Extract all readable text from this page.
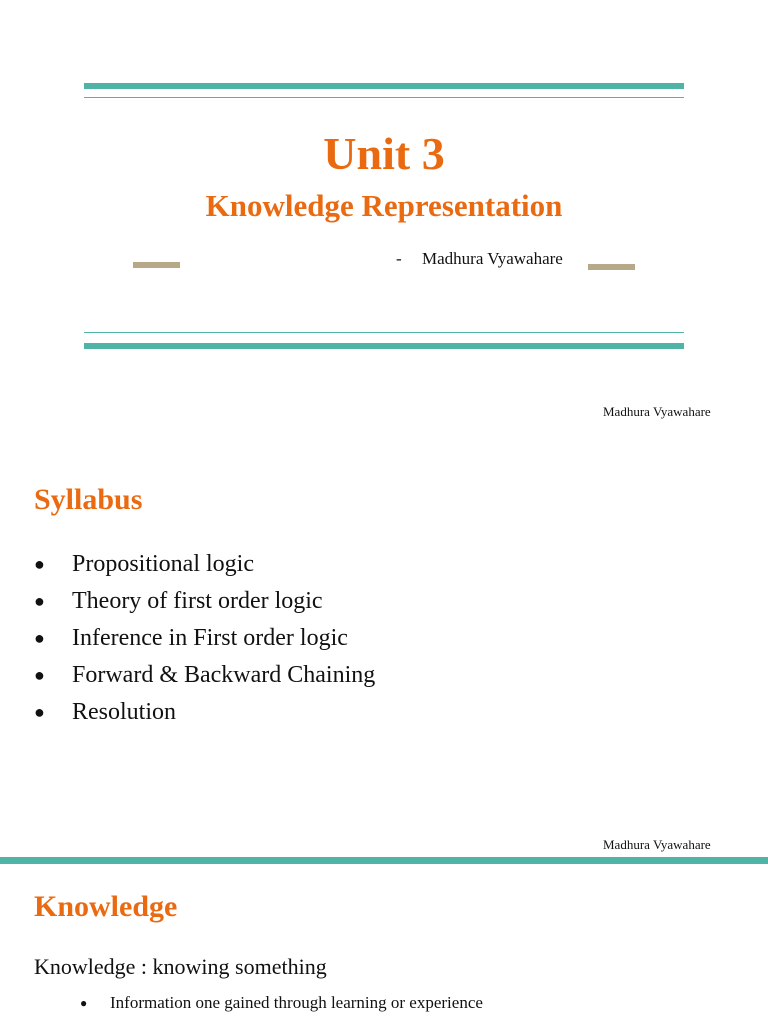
Unit 3
Knowledge Representation
- Madhura Vyawahare
Madhura Vyawahare
Syllabus
● Propositional logic
● Theory of first order logic
● Inference in First order logic
● Forward & Backward Chaining
● Resolution
Madhura Vyawahare
Knowledge
Knowledge : knowing something
● Information one gained through learning or experience
